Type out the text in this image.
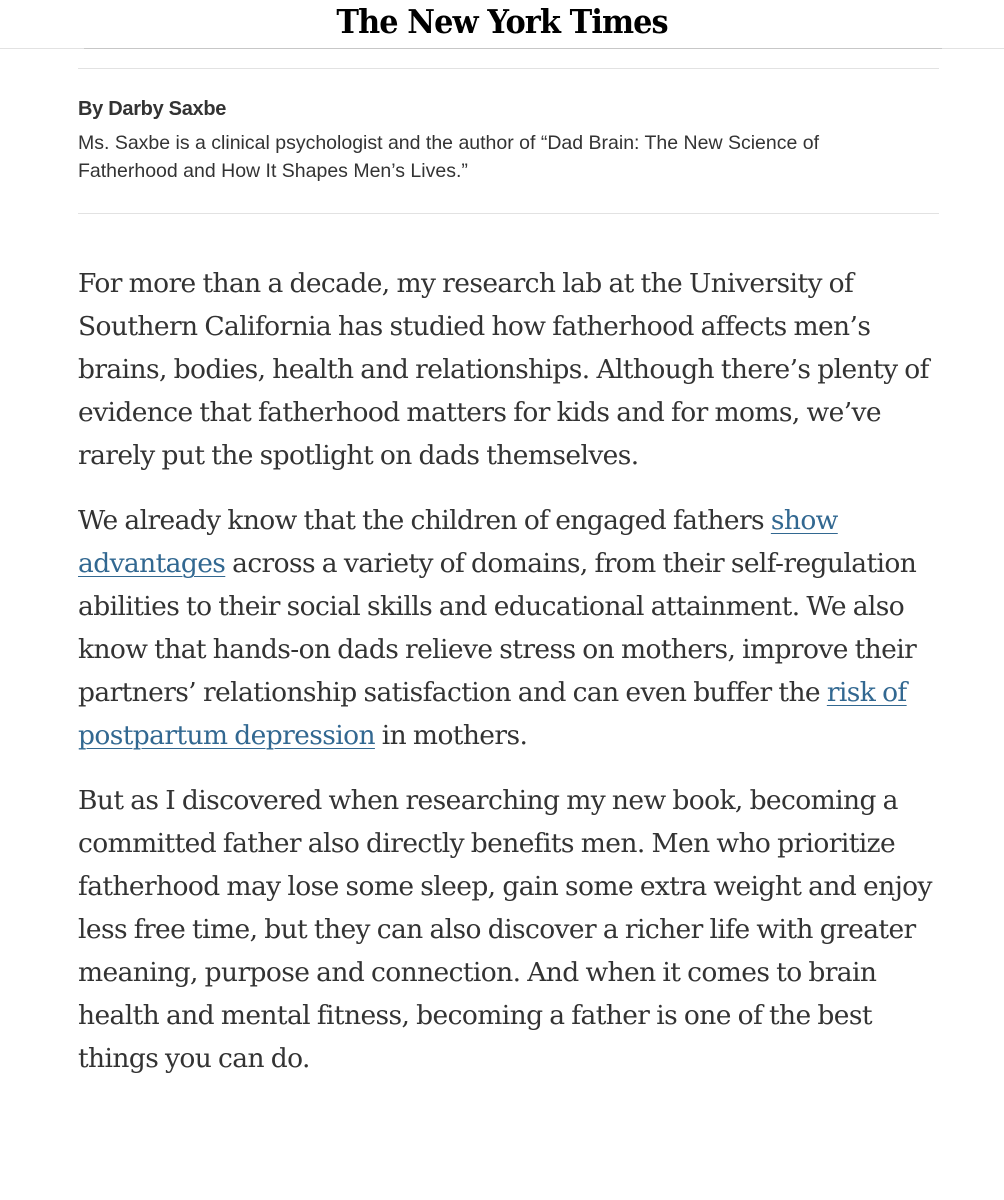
The New York Times
By Darby Saxbe
Ms. Saxbe is a clinical psychologist and the author of “Dad Brain: The New Science of Fatherhood and How It Shapes Men’s Lives.”

For more than a decade, my research lab at the University of Southern California has studied how fatherhood affects men’s brains, bodies, health and relationships. Although there’s plenty of evidence that fatherhood matters for kids and for moms, we’ve rarely put the spotlight on dads themselves.

We already know that the children of engaged fathers show advantages across a variety of domains, from their self-regulation abilities to their social skills and educational attainment. We also know that hands-on dads relieve stress on mothers, improve their partners’ relationship satisfaction and can even buffer the risk of postpartum depression in mothers.

But as I discovered when researching my new book, becoming a committed father also directly benefits men. Men who prioritize fatherhood may lose some sleep, gain some extra weight and enjoy less free time, but they can also discover a richer life with greater meaning, purpose and connection. And when it comes to brain health and mental fitness, becoming a father is one of the best things you can do.
